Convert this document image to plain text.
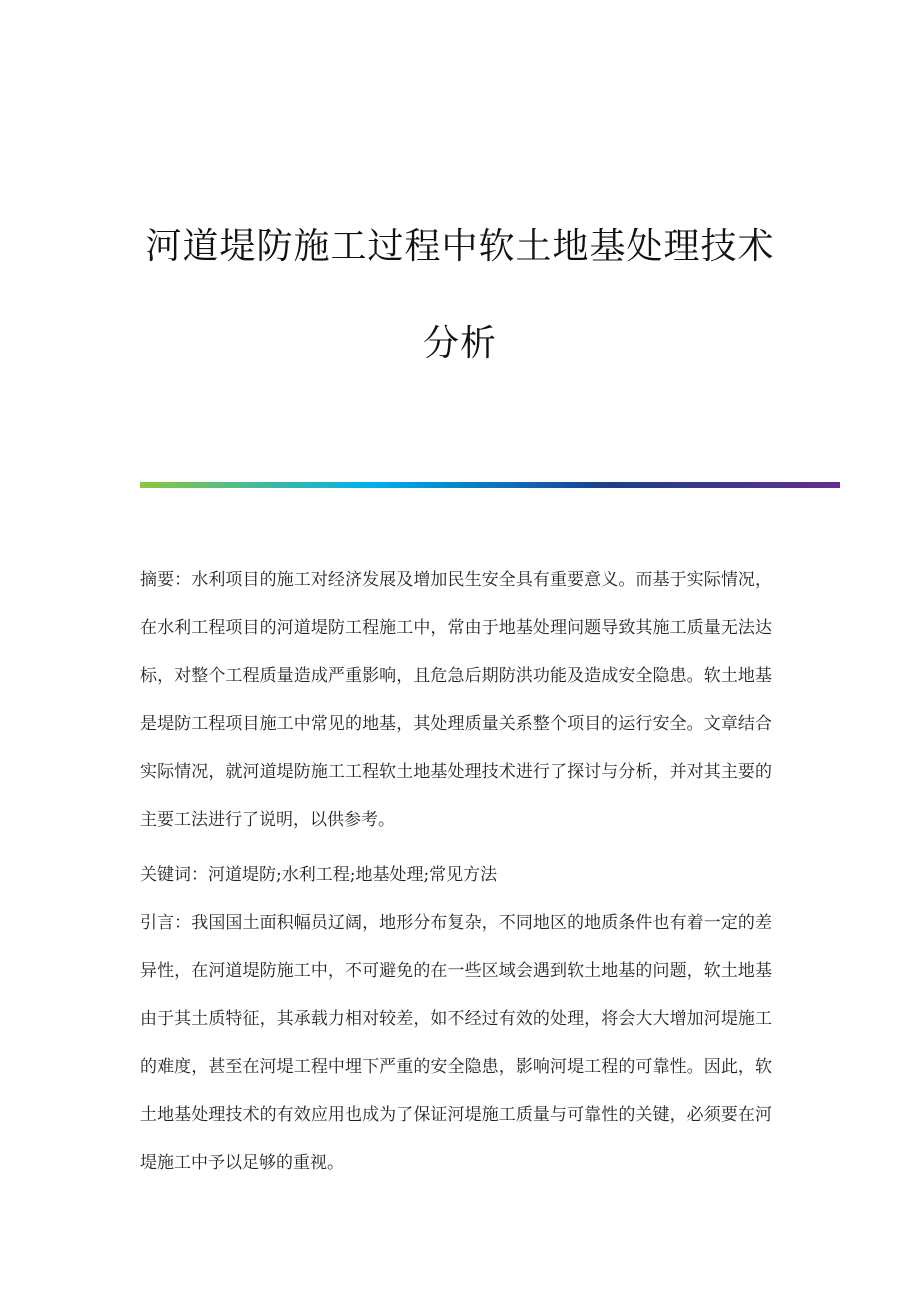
河道堤防施工过程中软土地基处理技术
分析

摘要：水利项目的施工对经济发展及增加民生安全具有重要意义。而基于实际情况，在水利工程项目的河道堤防工程施工中，常由于地基处理问题导致其施工质量无法达标，对整个工程质量造成严重影响，且危急后期防洪功能及造成安全隐患。软土地基是堤防工程项目施工中常见的地基，其处理质量关系整个项目的运行安全。文章结合实际情况，就河道堤防施工工程软土地基处理技术进行了探讨与分析，并对其主要的主要工法进行了说明，以供参考。

关键词：河道堤防;水利工程;地基处理;常见方法

引言：我国国土面积幅员辽阔，地形分布复杂，不同地区的地质条件也有着一定的差异性，在河道堤防施工中，不可避免的在一些区域会遇到软土地基的问题，软土地基由于其土质特征，其承载力相对较差，如不经过有效的处理，将会大大增加河堤施工的难度，甚至在河堤工程中埋下严重的安全隐患，影响河堤工程的可靠性。因此，软土地基处理技术的有效应用也成为了保证河堤施工质量与可靠性的关键，必须要在河堤施工中予以足够的重视。
